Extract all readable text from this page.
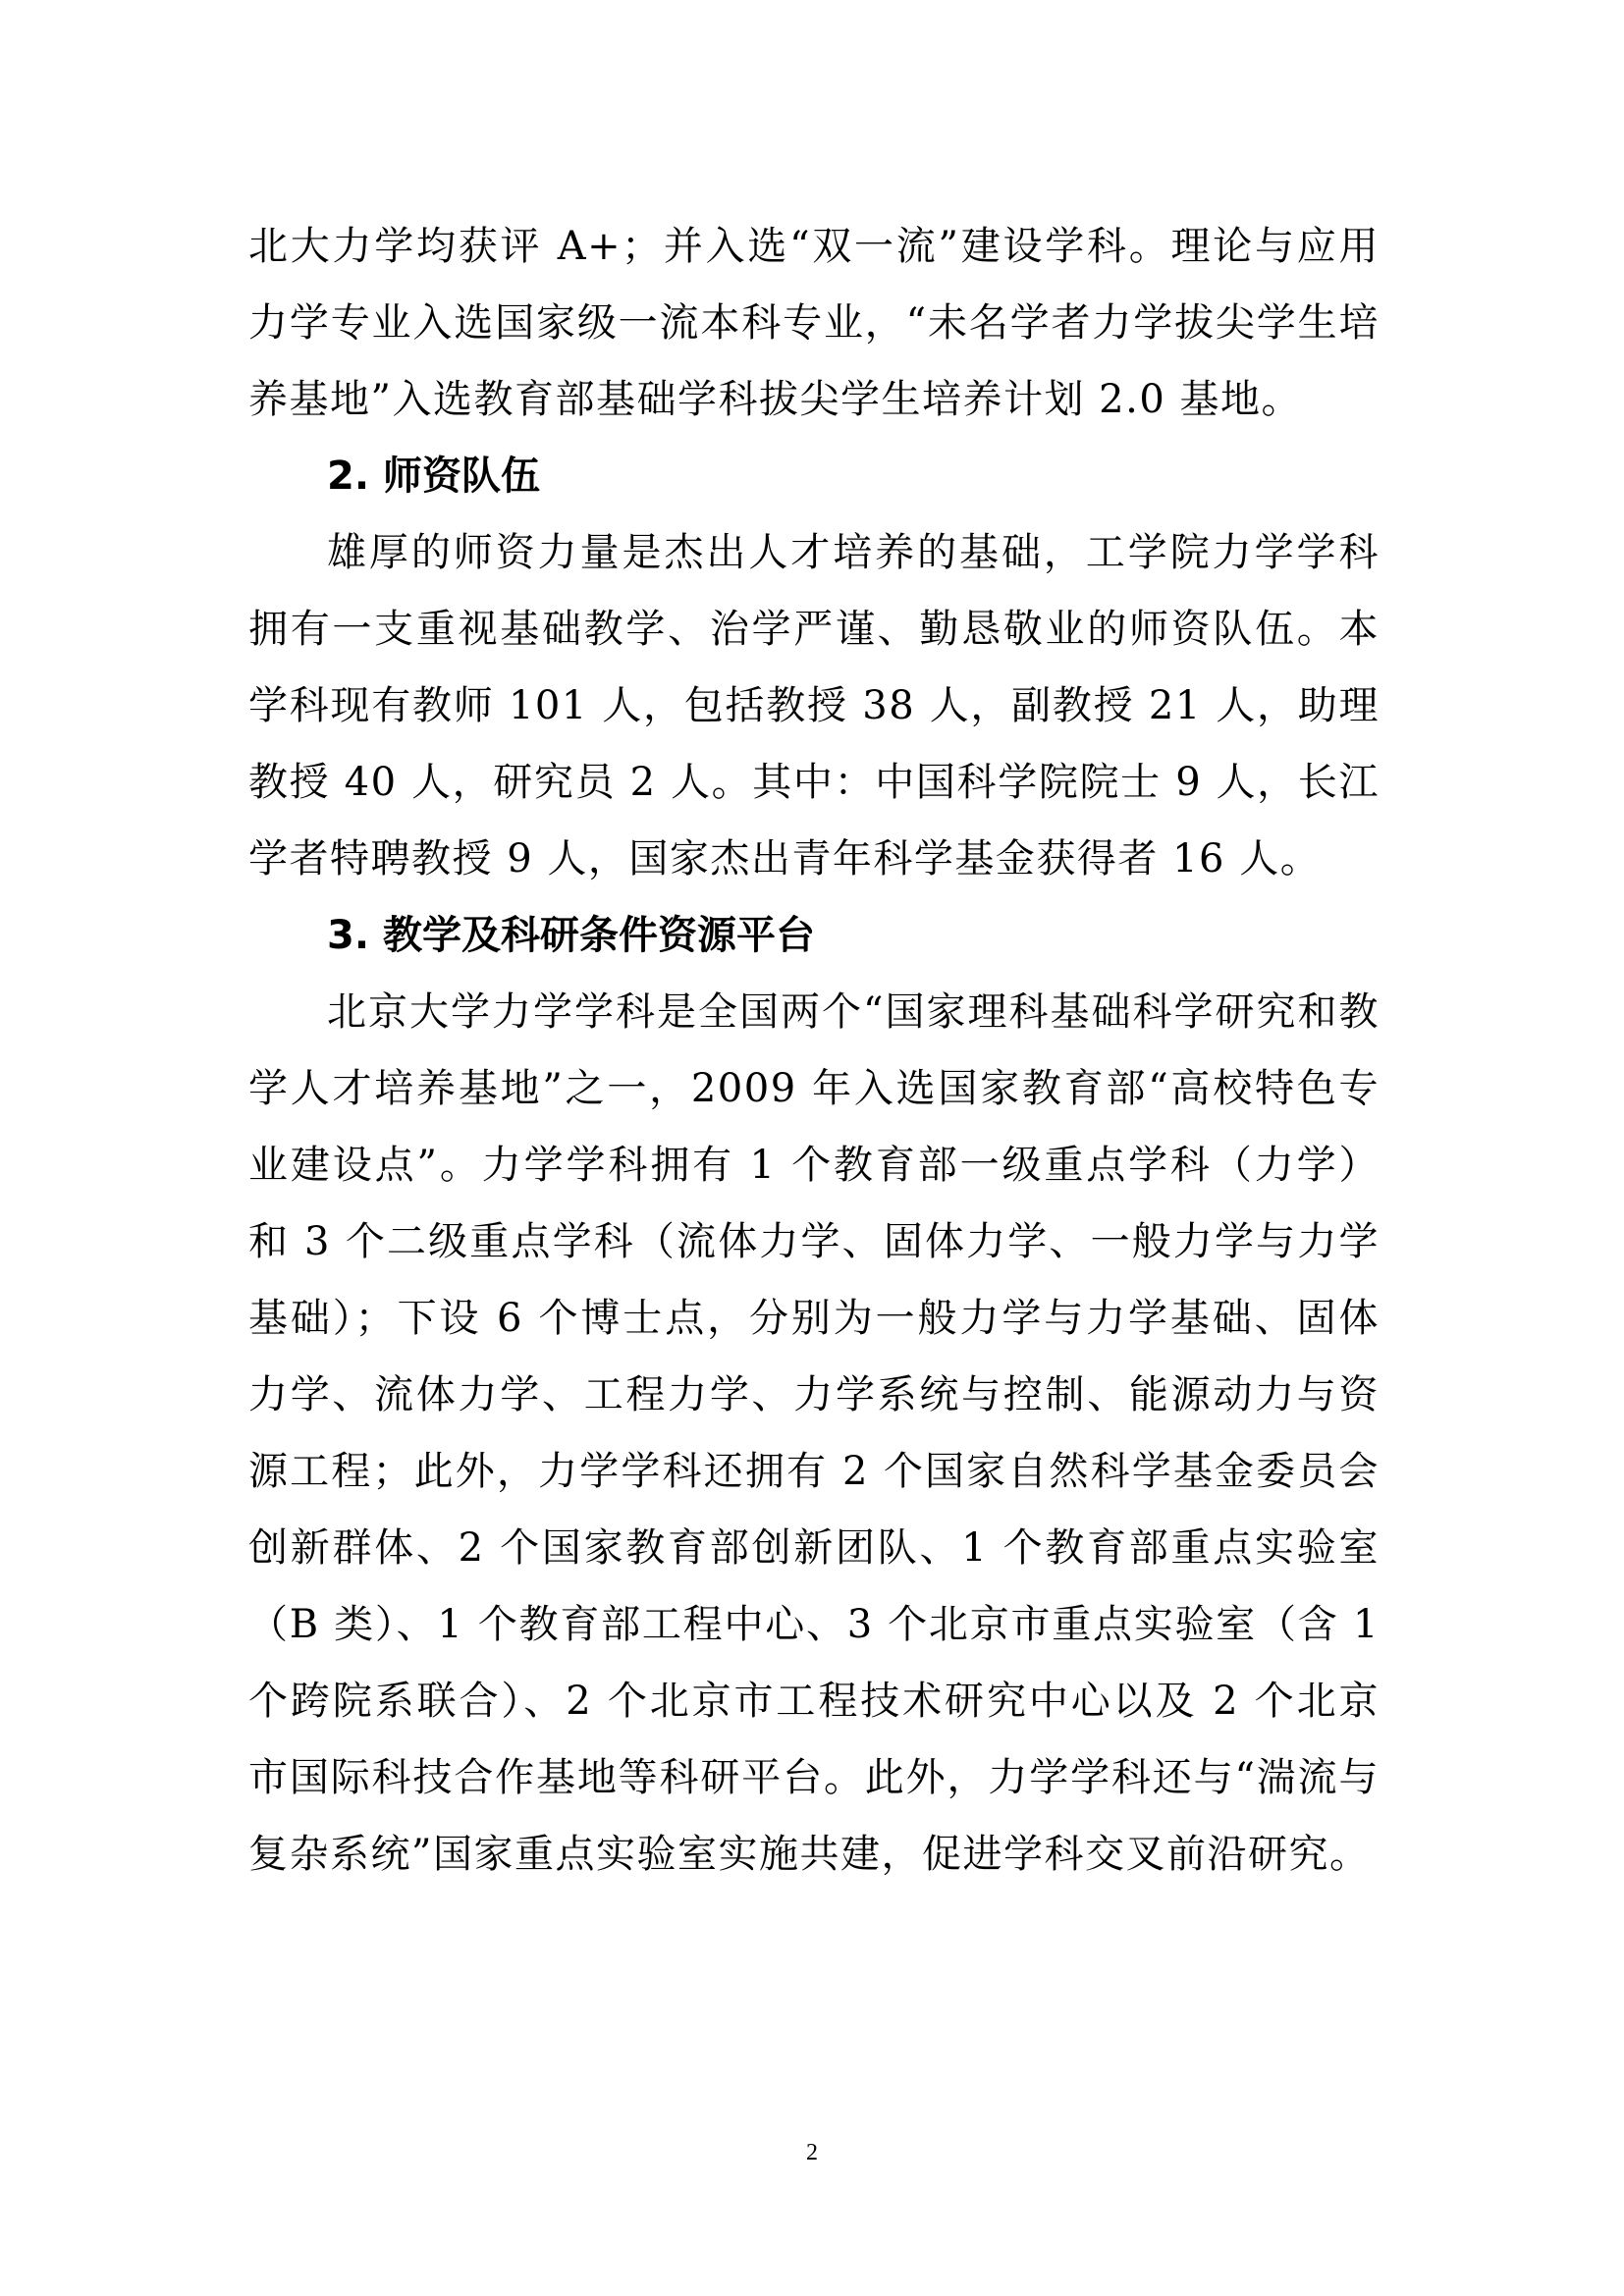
北大力学均获评 A+；并入选“双一流”建设学科。理论与应用力学专业入选国家级一流本科专业，“未名学者力学拔尖学生培养基地”入选教育部基础学科拔尖学生培养计划 2.0 基地。

2. 师资队伍

雄厚的师资力量是杰出人才培养的基础，工学院力学学科拥有一支重视基础教学、治学严谨、勤恳敬业的师资队伍。本学科现有教师 101 人，包括教授 38 人，副教授 21 人，助理教授 40 人，研究员 2 人。其中：中国科学院院士 9 人，长江学者特聘教授 9 人，国家杰出青年科学基金获得者 16 人。

3. 教学及科研条件资源平台

北京大学力学学科是全国两个“国家理科基础科学研究和教学人才培养基地”之一，2009 年入选国家教育部“高校特色专业建设点”。力学学科拥有 1 个教育部一级重点学科（力学）和 3 个二级重点学科（流体力学、固体力学、一般力学与力学基础）；下设 6 个博士点，分别为一般力学与力学基础、固体力学、流体力学、工程力学、力学系统与控制、能源动力与资源工程；此外，力学学科还拥有 2 个国家自然科学基金委员会创新群体、2 个国家教育部创新团队、1 个教育部重点实验室（B 类）、1 个教育部工程中心、3 个北京市重点实验室（含 1 个跨院系联合）、2 个北京市工程技术研究中心以及 2 个北京市国际科技合作基地等科研平台。此外，力学学科还与“湍流与复杂系统”国家重点实验室实施共建，促进学科交叉前沿研究。

2
